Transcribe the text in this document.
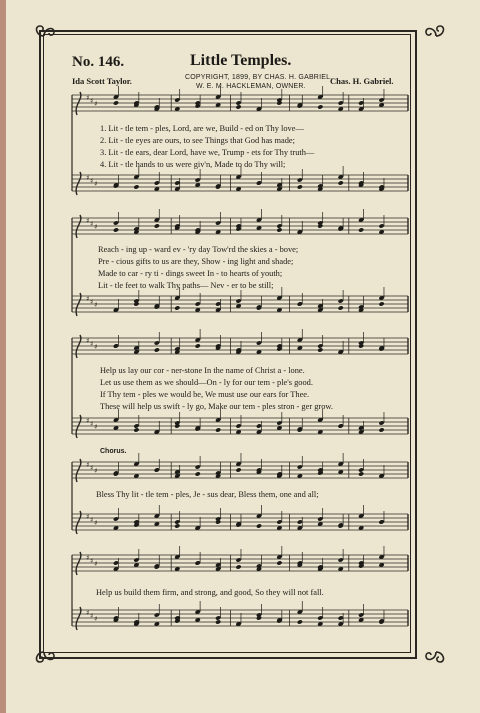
No. 146.	Little Temples.
Ida Scott Taylor.	Chas. H. Gabriel.
COPYRIGHT, 1899, BY CHAS. H. GABRIEL.
W. E. M. HACKLEMAN, OWNER.
♯ ♯ ♯
♯ ♯ ♯
♯ ♯ ♯
♯ ♯ ♯
♯ ♯ ♯
♯ ♯ ♯
♯ ♯ ♯
♯ ♯ ♯
♯ ♯ ♯
♯ ♯ ♯
1. Lit - tle tem - ples, Lord, are we, Build - ed on Thy love—
2. Lit - tle eyes are ours, to see Things that God has made;
3. Lit - tle ears, dear Lord, have we, Trump - ets for Thy truth—
4. Lit - tle hands to us were giv'n, Made to do Thy will;
Reach - ing up - ward ev - 'ry day Tow'rd the skies a - bove;
Pre - cious gifts to us are they, Show - ing light and shade;
Made to car - ry ti - dings sweet In - to hearts of youth;
Lit - tle feet to walk Thy paths— Nev - er to be still;
Help us lay our cor - ner-stone In the name of Christ a - lone.
Let us use them as we should—On - ly for our tem - ple's good.
If Thy tem - ples we would be, We must use our ears for Thee.
These will help us swift - ly go, Make our tem - ples stron - ger grow.
Chorus.
Bless Thy lit - tle tem - ples, Je - sus dear, Bless them, one and all;
Help us build them firm, and strong, and good, So they will not fall.
